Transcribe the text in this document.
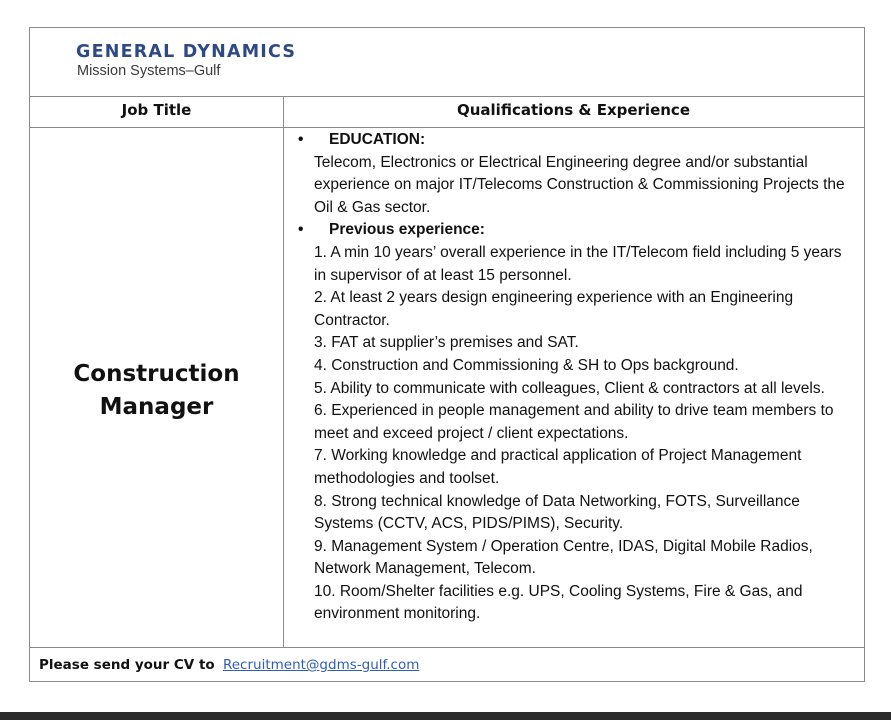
GENERAL DYNAMICS
Mission Systems–Gulf
Job Title	Qualifications & Experience
Construction
Manager
• EDUCATION:
Telecom, Electronics or Electrical Engineering degree and/or substantial experience on major IT/Telecoms Construction & Commissioning Projects the Oil & Gas sector.
• Previous experience:
1. A min 10 years’ overall experience in the IT/Telecom field including 5 years in supervisor of at least 15 personnel.
2. At least 2 years design engineering experience with an Engineering Contractor.
3. FAT at supplier’s premises and SAT.
4. Construction and Commissioning & SH to Ops background.
5. Ability to communicate with colleagues, Client & contractors at all levels.
6. Experienced in people management and ability to drive team members to meet and exceed project / client expectations.
7. Working knowledge and practical application of Project Management methodologies and toolset.
8. Strong technical knowledge of Data Networking, FOTS, Surveillance Systems (CCTV, ACS, PIDS/PIMS), Security.
9. Management System / Operation Centre, IDAS, Digital Mobile Radios, Network Management, Telecom.
10. Room/Shelter facilities e.g. UPS, Cooling Systems, Fire & Gas, and environment monitoring.
Please send your CV to Recruitment@gdms-gulf.com
